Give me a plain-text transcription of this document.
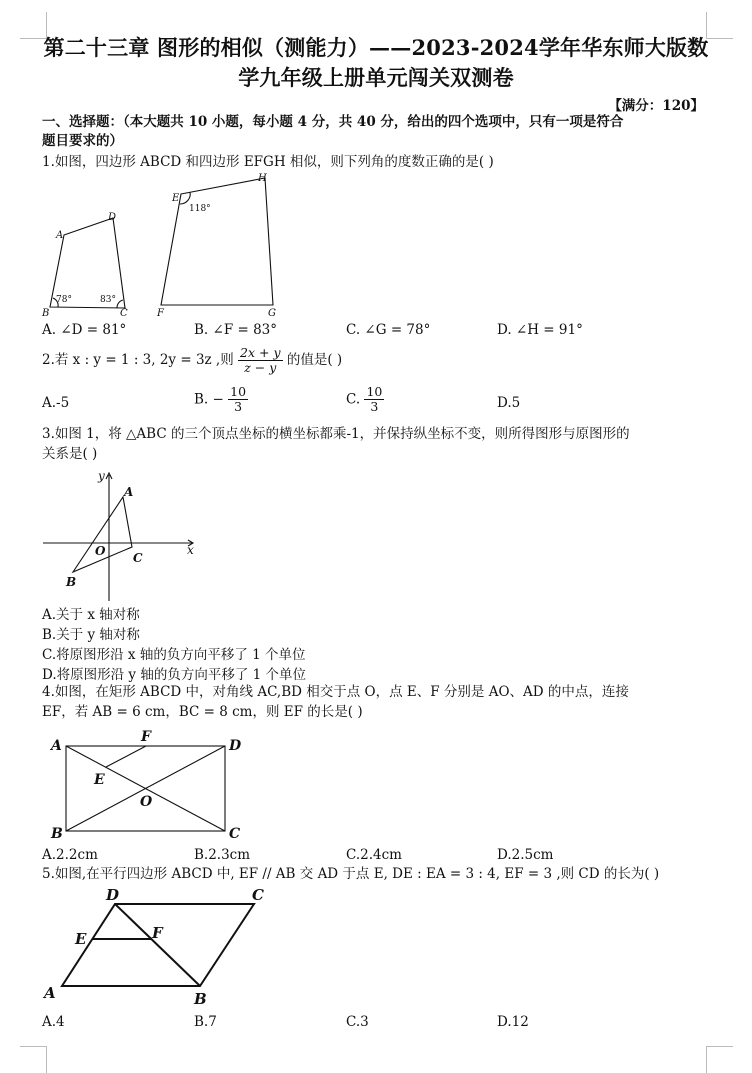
第二十三章 图形的相似（测能力）——2023-2024学年华东师大版数
学九年级上册单元闯关双测卷
【满分：120】
一、选择题：（本大题共 10 小题，每小题 4 分，共 40 分，给出的四个选项中，只有一项是符合
题目要求的）
1.如图，四边形 ABCD 和四边形 EFGH 相似，则下列角的度数正确的是( )
A
D
B	C
E
H
F	G
78°	83°
118°
A. ∠D = 81°	B. ∠F = 83°	C. ∠G = 78°	D. ∠H = 91°
2.若 x : y = 1 : 3, 2y = 3z ,则 $\frac{2x + y}{z - y}$ 的值是( )
A.-5	B. − $\frac{10}{3}$	C. $\frac{10}{3}$	D.5
3.如图 1，将 △ABC 的三个顶点坐标的横坐标都乘-1，并保持纵坐标不变，则所得图形与原图形的
关系是( )
y
x
A
B
C
O
A.关于 x 轴对称
B.关于 y 轴对称
C.将原图形沿 x 轴的负方向平移了 1 个单位
D.将原图形沿 y 轴的负方向平移了 1 个单位
4.如图，在矩形 ABCD 中，对角线 AC,BD 相交于点 O，点 E、F 分别是 AO、AD 的中点，连接
EF，若 AB = 6 cm，BC = 8 cm，则 EF 的长是( )
A
F
D
E
O
B	C
A.2.2cm	B.2.3cm	C.2.4cm	D.2.5cm
5.如图,在平行四边形 ABCD 中, EF // AB 交 AD 于点 E, DE : EA = 3 : 4, EF = 3 ,则 CD 的长为( )
D	C
E	F
A	B
A.4	B.7	C.3	D.12
